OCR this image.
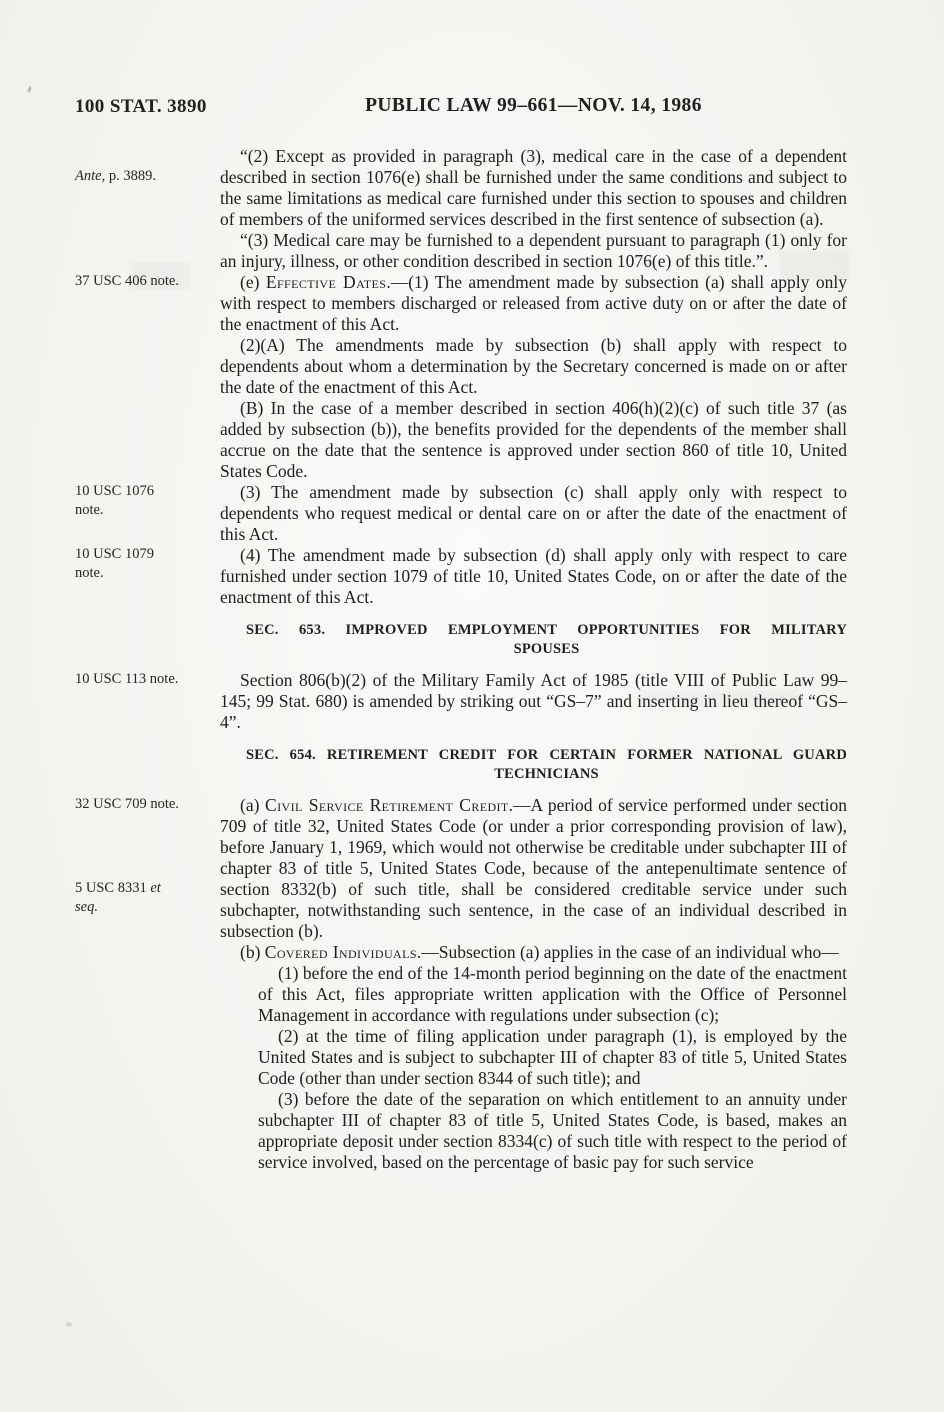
100 STAT. 3890	PUBLIC LAW 99–661—NOV. 14, 1986
“(2) Except as provided in paragraph (3), medical care in the case of a dependent described in section 1076(e) shall be furnished under the same conditions and subject to the same limitations as medical care furnished under this section to spouses and children of members of the uniformed services described in the first sentence of subsection (a).
Ante, p. 3889.
“(3) Medical care may be furnished to a dependent pursuant to paragraph (1) only for an injury, illness, or other condition described in section 1076(e) of this title.”.
(e) Effective Dates.—(1) The amendment made by subsection (a) shall apply only with respect to members discharged or released from active duty on or after the date of the enactment of this Act.
37 USC 406 note.
(2)(A) The amendments made by subsection (b) shall apply with respect to dependents about whom a determination by the Secretary concerned is made on or after the date of the enactment of this Act.
(B) In the case of a member described in section 406(h)(2)(c) of such title 37 (as added by subsection (b)), the benefits provided for the dependents of the member shall accrue on the date that the sentence is approved under section 860 of title 10, United States Code.
(3) The amendment made by subsection (c) shall apply only with respect to dependents who request medical or dental care on or after the date of the enactment of this Act.
10 USC 1076
note.
(4) The amendment made by subsection (d) shall apply only with respect to care furnished under section 1079 of title 10, United States Code, on or after the date of the enactment of this Act.
10 USC 1079
note.
SEC. 653. IMPROVED EMPLOYMENT OPPORTUNITIES FOR MILITARY
SPOUSES
Section 806(b)(2) of the Military Family Act of 1985 (title VIII of Public Law 99–145; 99 Stat. 680) is amended by striking out “GS–7” and inserting in lieu thereof “GS–4”.
10 USC 113 note.
SEC. 654. RETIREMENT CREDIT FOR CERTAIN FORMER NATIONAL GUARD
TECHNICIANS
(a) Civil Service Retirement Credit.—A period of service performed under section 709 of title 32, United States Code (or under a prior corresponding provision of law), before January 1, 1969, which would not otherwise be creditable under subchapter III of chapter 83 of title 5, United States Code, because of the antepenultimate sentence of section 8332(b) of such title, shall be considered creditable service under such subchapter, notwithstanding such sentence, in the case of an individual described in subsection (b).
32 USC 709 note.
5 USC 8331 et
seq.
(b) Covered Individuals.—Subsection (a) applies in the case of an individual who—
(1) before the end of the 14-month period beginning on the date of the enactment of this Act, files appropriate written application with the Office of Personnel Management in accordance with regulations under subsection (c);
(2) at the time of filing application under paragraph (1), is employed by the United States and is subject to subchapter III of chapter 83 of title 5, United States Code (other than under section 8344 of such title); and
(3) before the date of the separation on which entitlement to an annuity under subchapter III of chapter 83 of title 5, United States Code, is based, makes an appropriate deposit under section 8334(c) of such title with respect to the period of service involved, based on the percentage of basic pay for such service
